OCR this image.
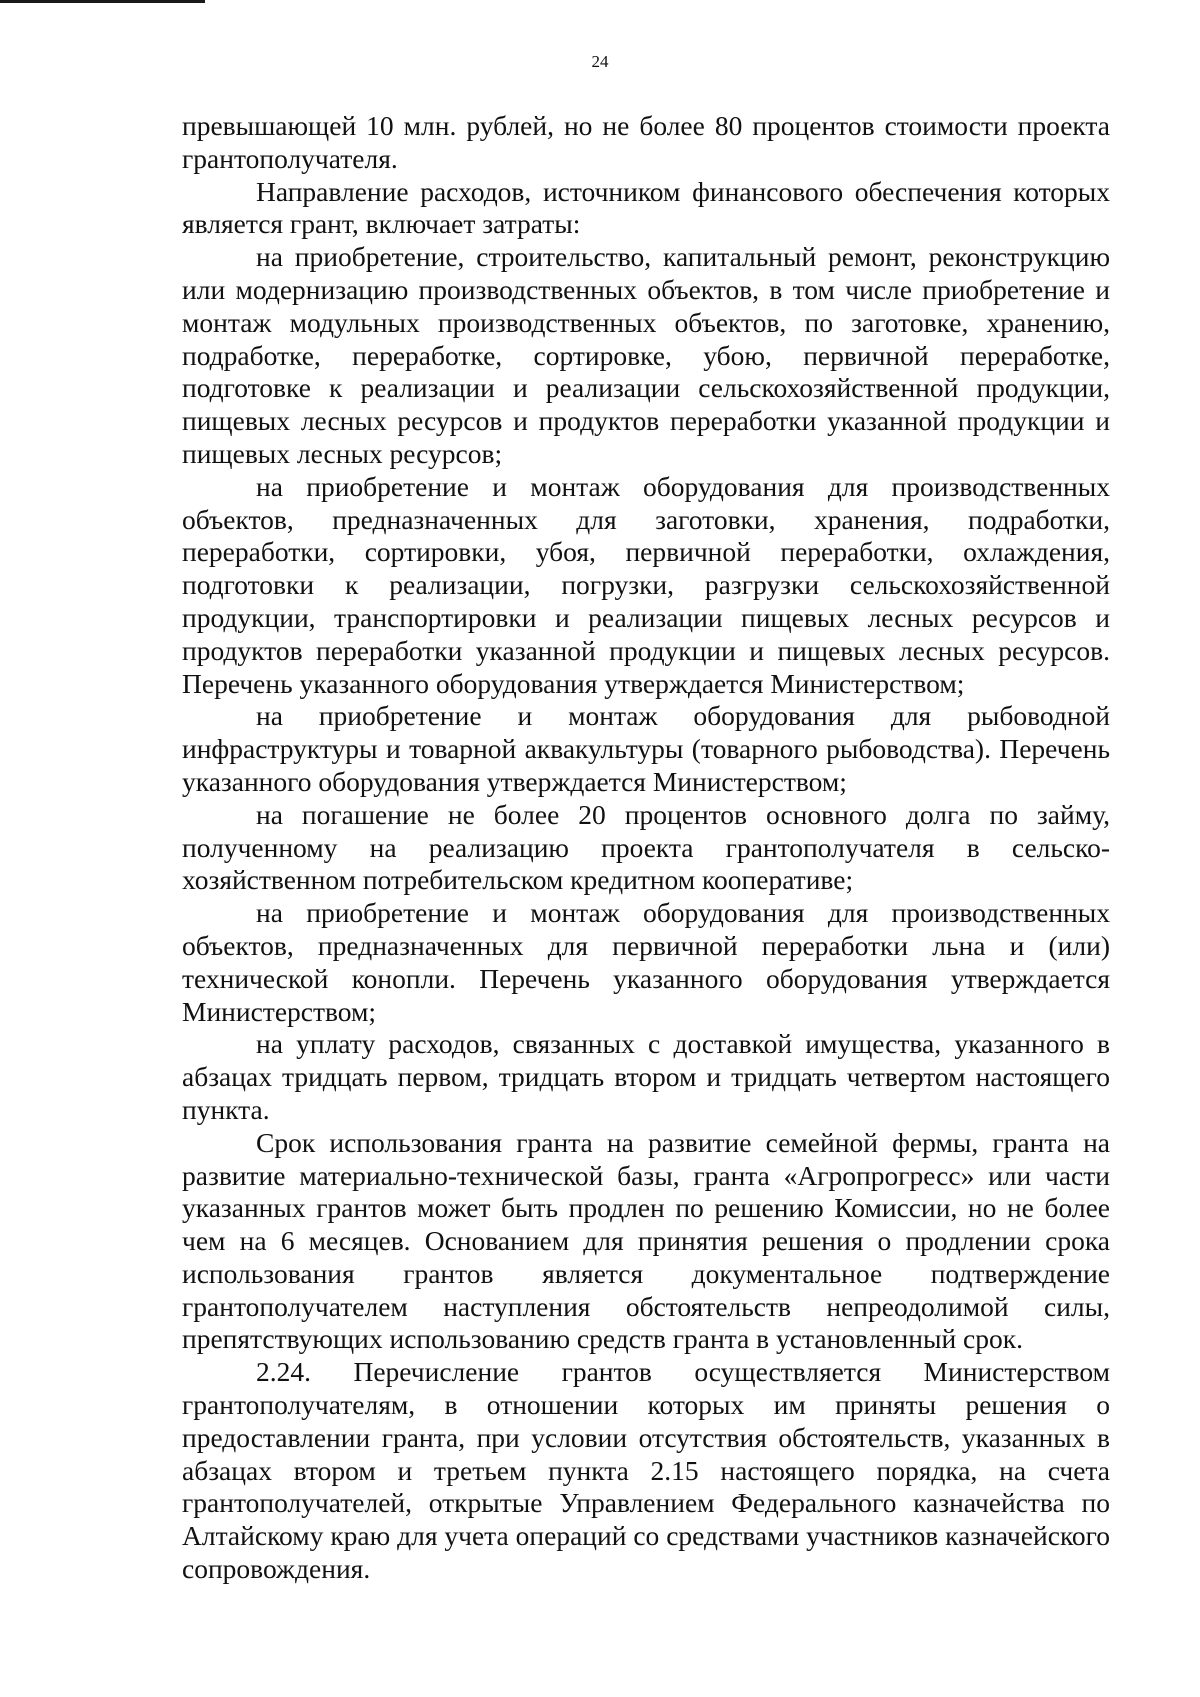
24

превышающей 10 млн. рублей, но не более 80 процентов стоимости проекта грантополучателя.

Направление расходов, источником финансового обеспечения которых является грант, включает затраты:

на приобретение, строительство, капитальный ремонт, реконструкцию или модернизацию производственных объектов, в том числе приобретение и монтаж модульных производственных объектов, по заготовке, хранению, подработке, переработке, сортировке, убою, первичной переработке, подготовке к реализации и реализации сельскохозяйственной продукции, пищевых лесных ресурсов и продуктов переработки указанной продукции и пищевых лесных ресурсов;

на приобретение и монтаж оборудования для производственных объектов, предназначенных для заготовки, хранения, подработки, переработки, сортировки, убоя, первичной переработки, охлаждения, подготовки к реализации, погрузки, разгрузки сельскохозяйственной продукции, транспортировки и реализации пищевых лесных ресурсов и продуктов переработки указанной продукции и пищевых лесных ресурсов. Перечень указанного оборудования утверждается Министерством;

на приобретение и монтаж оборудования для рыбоводной инфраструктуры и товарной аквакультуры (товарного рыбоводства). Перечень указанного оборудования утверждается Министерством;

на погашение не более 20 процентов основного долга по займу, полученному на реализацию проекта грантополучателя в сельско-хозяйственном потребительском кредитном кооперативе;

на приобретение и монтаж оборудования для производственных объектов, предназначенных для первичной переработки льна и (или) технической конопли. Перечень указанного оборудования утверждается Министерством;

на уплату расходов, связанных с доставкой имущества, указанного в абзацах тридцать первом, тридцать втором и тридцать четвертом настоящего пункта.

Срок использования гранта на развитие семейной фермы, гранта на развитие материально-технической базы, гранта «Агропрогресс» или части указанных грантов может быть продлен по решению Комиссии, но не более чем на 6 месяцев. Основанием для принятия решения о продлении срока использования грантов является документальное подтверждение грантополучателем наступления обстоятельств непреодолимой силы, препятствующих использованию средств гранта в установленный срок.

2.24. Перечисление грантов осуществляется Министерством грантополучателям, в отношении которых им приняты решения о предоставлении гранта, при условии отсутствия обстоятельств, указанных в абзацах втором и третьем пункта 2.15 настоящего порядка, на счета грантополучателей, открытые Управлением Федерального казначейства по Алтайскому краю для учета операций со средствами участников казначейского сопровождения.
